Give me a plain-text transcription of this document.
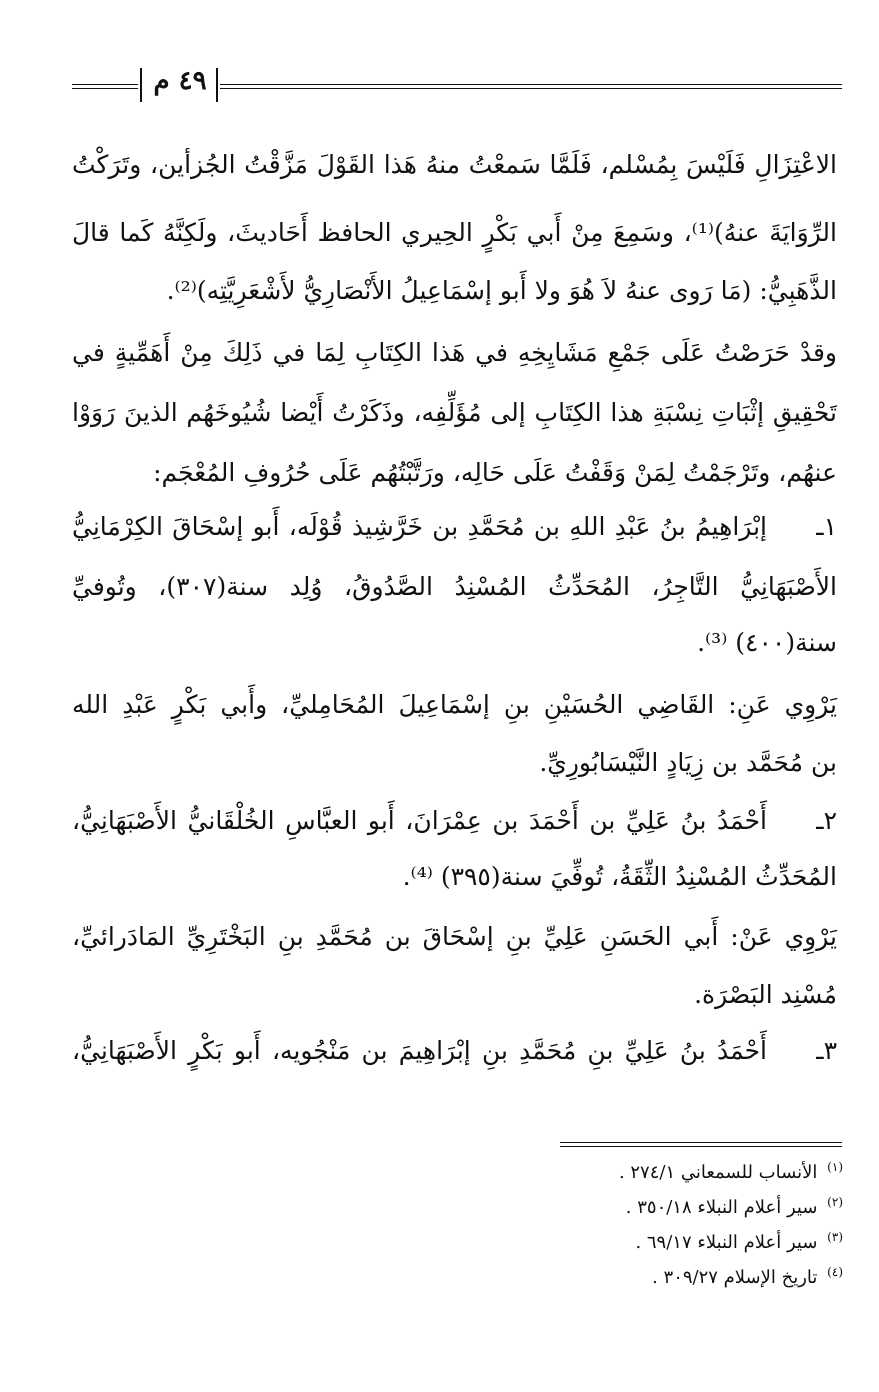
٤٩ م
الاعْتِزَالِ فَلَيْسَ بِمُسْلم، فَلَمَّا سَمعْتُ منهُ هَذا القَوْلَ مَزَّقْتُ الجُزأين، وتَرَكْتُ
الرِّوَايَةَ عنهُ)⁽¹⁾، وسَمِعَ مِنْ أَبي بَكْرٍ الحِيري الحافظ أَحَاديثَ، ولَكِنَّهُ كَما قالَ
الذَّهَبِيُّ: (مَا رَوى عنهُ لاَ هُوَ ولا أَبو إسْمَاعِيلُ الأَنْصَارِيُّ لأَشْعَرِيَّتِه)⁽²⁾.
وقدْ حَرَصْتُ عَلَى جَمْعِ مَشَايِخِهِ في هَذا الكِتَابِ لِمَا في ذَلِكَ مِنْ أَهَمِّيةٍ في
تَحْقِيقِ إثْبَاتِ نِسْبَةِ هذا الكِتَابِ إلى مُؤَلِّفِه، وذَكَرْتُ أَيْضا شُيُوخَهُم الذينَ رَوَوْا
عنهُم، وتَرْجَمْتُ لِمَنْ وَقَفْتُ عَلَى حَالِه، ورَتَّبْتُهُم عَلَى حُرُوفِ المُعْجَم:
١ـ
إبْرَاهِيمُ بنُ عَبْدِ اللهِ بن مُحَمَّدِ بن خَرَّشِيذ قُوْلَه، أَبو إسْحَاقَ الكِرْمَانِيُّ
الأَصْبَهَانِيُّ التَّاجِرُ، المُحَدِّثُ المُسْنِدُ الصَّدُوقُ، وُلِد سنة(٣٠٧)، وتُوفيِّ
سنة(٤٠٠) ⁽³⁾.
يَرْوِي عَنِ: القَاضِي الحُسَيْنِ بنِ إسْمَاعِيلَ المُحَامِليِّ، وأَبي بَكْرٍ عَبْدِ الله
بن مُحَمَّد بن زِيَادٍ النَّيْسَابُورِيِّ.
٢ـ
أَحْمَدُ بنُ عَلِيِّ بن أَحْمَدَ بن عِمْرَانَ، أَبو العبَّاسِ الخُلْقَانيُّ الأَصْبَهَانِيُّ،
المُحَدِّثُ المُسْنِدُ الثِّقَةُ، تُوفِّيَ سنة(٣٩٥) ⁽⁴⁾.
يَرْوِي عَنْ: أَبي الحَسَنِ عَلِيِّ بنِ إسْحَاقَ بن مُحَمَّدِ بنِ البَخْتَرِيِّ المَادَرائيِّ،
مُسْنِد البَصْرَة.
٣ـ
أَحْمَدُ بنُ عَلِيِّ بنِ مُحَمَّدِ بنِ إبْرَاهِيمَ بن مَنْجُويه، أَبو بَكْرٍ الأَصْبَهَانِيُّ،
$^{(١)}$ الأنساب للسمعاني ٢٧٤/١ .
$^{(٢)}$ سير أعلام النبلاء ٣٥٠/١٨ .
$^{(٣)}$ سير أعلام النبلاء ٦٩/١٧ .
$^{(٤)}$ تاريخ الإسلام ٣٠٩/٢٧ .
